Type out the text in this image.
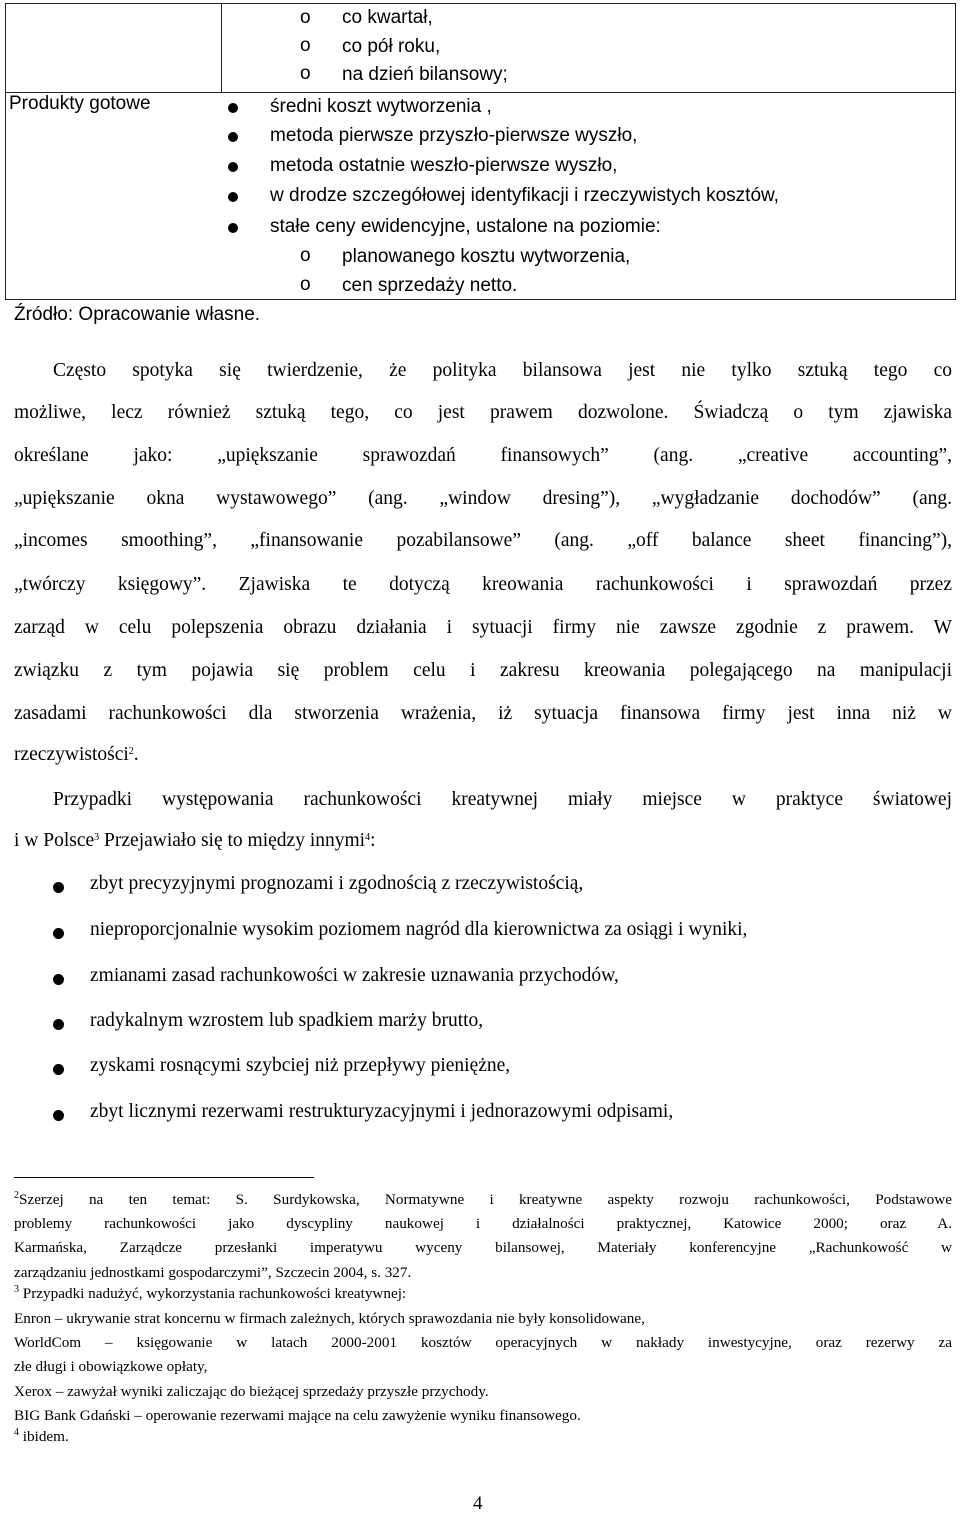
o co kwartał,
o co pół roku,
o na dzień bilansowy;
Produkty gotowe	średni koszt wytworzenia ,
metoda pierwsze przyszło-pierwsze wyszło,
metoda ostatnie weszło-pierwsze wyszło,
w drodze szczegółowej identyfikacji i rzeczywistych kosztów,
stałe ceny ewidencyjne, ustalone na poziomie:
o planowanego kosztu wytworzenia,
o cen sprzedaży netto.
Źródło: Opracowanie własne.
Często spotyka się twierdzenie, że polityka bilansowa jest nie tylko sztuką tego co
możliwe, lecz również sztuką tego, co jest prawem dozwolone. Świadczą o tym zjawiska
określane jako: „upiększanie sprawozdań finansowych” (ang. „creative accounting”,
„upiększanie okna wystawowego” (ang. „window dresing”), „wygładzanie dochodów” (ang.
„incomes smoothing”, „finansowanie pozabilansowe” (ang. „off balance sheet financing”),
„twórczy księgowy”. Zjawiska te dotyczą kreowania rachunkowości i sprawozdań przez
zarząd w celu polepszenia obrazu działania i sytuacji firmy nie zawsze zgodnie z prawem. W
związku z tym pojawia się problem celu i zakresu kreowania polegającego na manipulacji
zasadami rachunkowości dla stworzenia wrażenia, iż sytuacja finansowa firmy jest inna niż w
rzeczywistości$^2$.
Przypadki występowania rachunkowości kreatywnej miały miejsce w praktyce światowej
i w Polsce$^3$ Przejawiało się to między innymi$^4$:
zbyt precyzyjnymi prognozami i zgodnością z rzeczywistością,
nieproporcjonalnie wysokim poziomem nagród dla kierownictwa za osiągi i wyniki,
zmianami zasad rachunkowości w zakresie uznawania przychodów,
radykalnym wzrostem lub spadkiem marży brutto,
zyskami rosnącymi szybciej niż przepływy pieniężne,
zbyt licznymi rezerwami restrukturyzacyjnymi i jednorazowymi odpisami,
$^2$Szerzej na ten temat: S. Surdykowska, Normatywne i kreatywne aspekty rozwoju rachunkowości, Podstawowe
problemy rachunkowości jako dyscypliny naukowej i działalności praktycznej, Katowice 2000; oraz A.
Karmańska, Zarządcze przesłanki imperatywu wyceny bilansowej, Materiały konferencyjne „Rachunkowość w
zarządzaniu jednostkami gospodarczymi”, Szczecin 2004, s. 327.
$^3$ Przypadki nadużyć, wykorzystania rachunkowości kreatywnej:
Enron – ukrywanie strat koncernu w firmach zależnych, których sprawozdania nie były konsolidowane,
WorldCom – księgowanie w latach 2000-2001 kosztów operacyjnych w nakłady inwestycyjne, oraz rezerwy za
złe długi i obowiązkowe opłaty,
Xerox – zawyżał wyniki zaliczając do bieżącej sprzedaży przyszłe przychody.
BIG Bank Gdański – operowanie rezerwami mające na celu zawyżenie wyniku finansowego.
$^4$ ibidem.
4
